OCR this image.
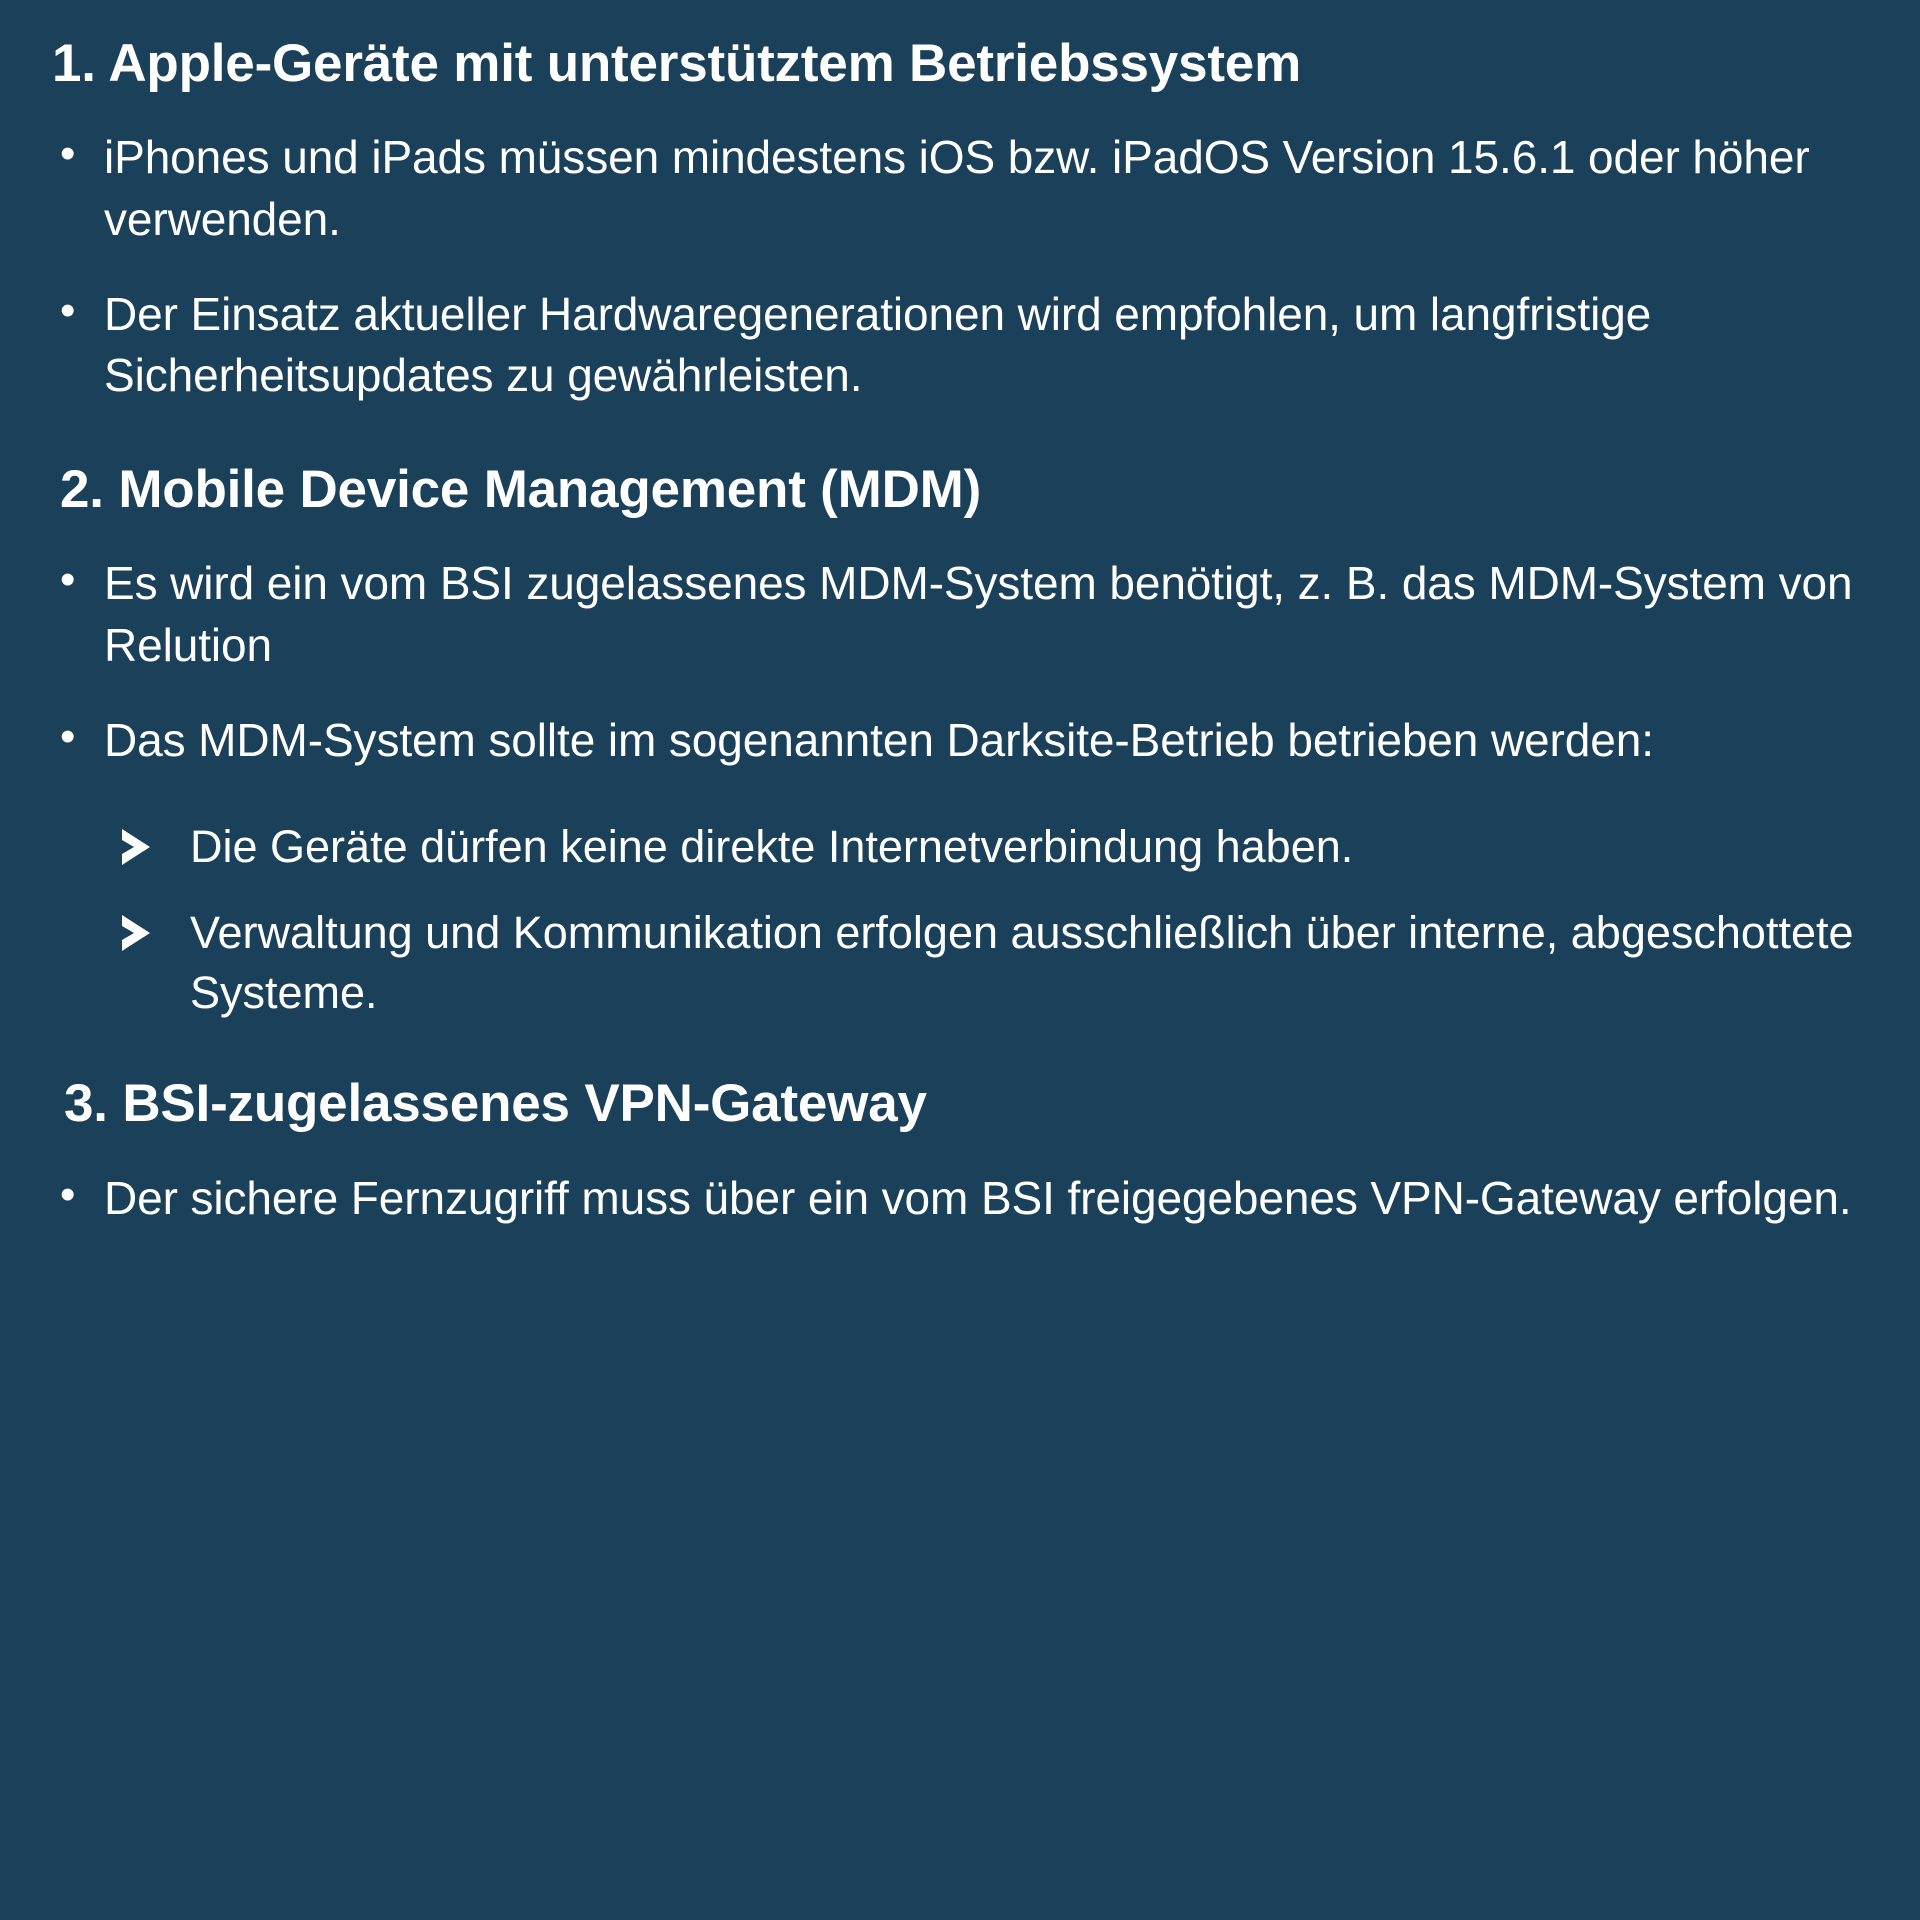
1. Apple-Geräte mit unterstütztem Betriebssystem
• iPhones und iPads müssen mindestens iOS bzw. iPadOS Version 15.6.1 oder höher verwenden.
• Der Einsatz aktueller Hardwaregenerationen wird empfohlen, um langfristige Sicherheitsupdates zu gewährleisten.
2. Mobile Device Management (MDM)
• Es wird ein vom BSI zugelassenes MDM-System benötigt, z. B. das MDM-System von Relution
• Das MDM-System sollte im sogenannten Darksite-Betrieb betrieben werden:
Die Geräte dürfen keine direkte Internetverbindung haben.
Verwaltung und Kommunikation erfolgen ausschließlich über interne, abgeschottete Systeme.
3. BSI-zugelassenes VPN-Gateway
• Der sichere Fernzugriff muss über ein vom BSI freigegebenes VPN-Gateway erfolgen.
